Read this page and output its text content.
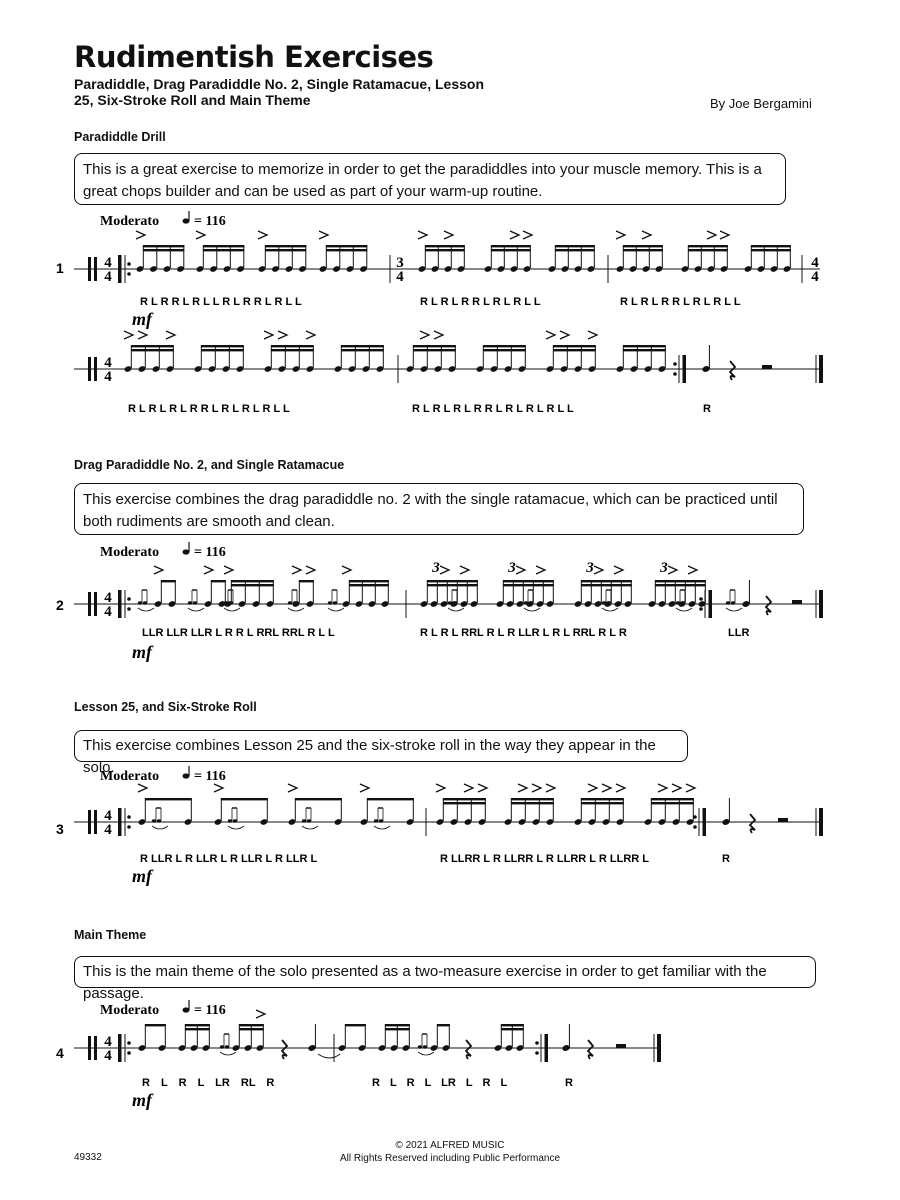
Rudimentish Exercises
Paradiddle, Drag Paradiddle No. 2, Single Ratamacue, Lesson 25, Six-Stroke Roll and Main Theme	By Joe Bergamini
Paradiddle Drill
This is a great exercise to memorize in order to get the paradiddles into your muscle memory. This is a great chops builder and can be used as part of your warm-up routine.
Moderato = 116
1
R L R R L R L L R L R R L R L L	R L R L R R L R L R L L	R L R L R R L R L R L L
mf
4
4
3
4
4
4
R L R L R L R R L R L R L R L L	R L R L R L R R L R L R L R L L	R
4
4
Drag Paradiddle No. 2, and Single Ratamacue
This exercise combines the drag paradiddle no. 2 with the single ratamacue, which can be practiced until both rudiments are smooth and clean.
Moderato = 116
2
LLR LLR LLR L R R L RRL RRL R L L	R L R L RRL R L R LLR L R L RRL R L R	LLR
mf
4
4
3	3	3	3
Lesson 25, and Six-Stroke Roll
This exercise combines Lesson 25 and the six-stroke roll in the way they appear in the solo.
Moderato = 116
3
R LLR L R LLR L R LLR L R LLR L	R LLRR L R LLRR L R LLRR L R LLRR L	R
mf
4
4
Main Theme
This is the main theme of the solo presented as a two-measure exercise in order to get familiar with the passage.
Moderato = 116
4
R L R L LR RL R	R L R L LR L R L	R
mf
4
4
49332
© 2021 ALFRED MUSIC
All Rights Reserved including Public Performance
